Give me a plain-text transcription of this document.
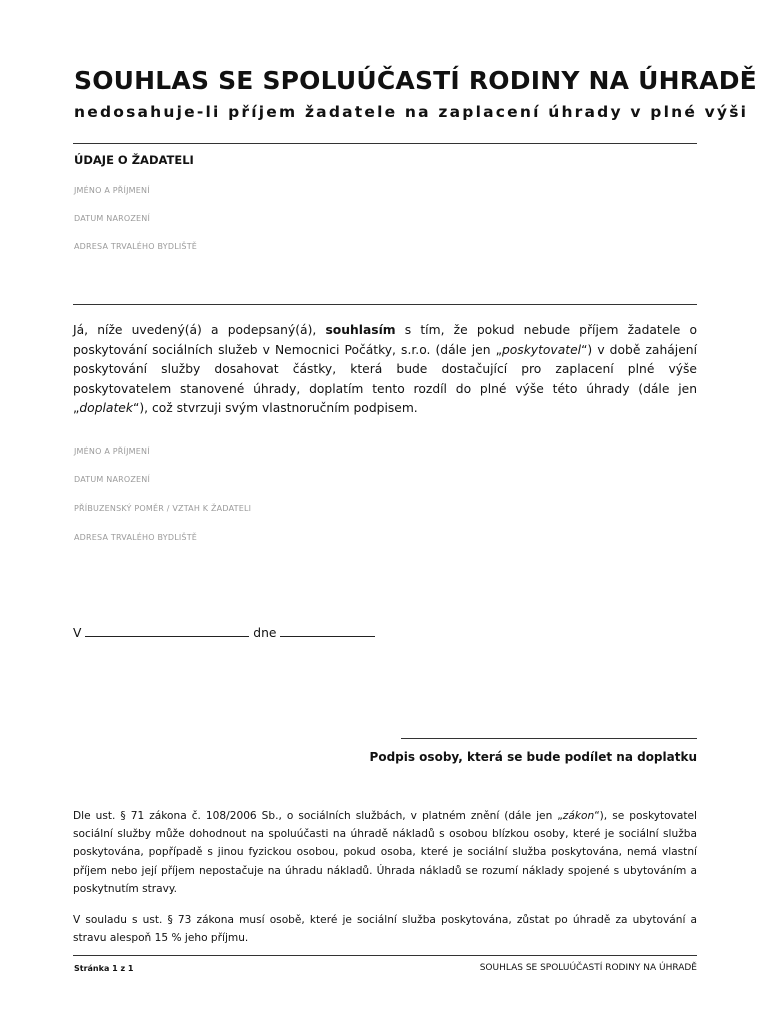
SOUHLAS SE SPOLUÚČASTÍ RODINY NA ÚHRADĚ
nedosahuje-li příjem žadatele na zaplacení úhrady v plné výši
ÚDAJE O ŽADATELI
JMÉNO A PŘÍJMENÍ
DATUM NAROZENÍ
ADRESA TRVALÉHO BYDLIŠTĚ
Já, níže uvedený(á) a podepsaný(á), souhlasím s tím, že pokud nebude příjem žadatele o poskytování sociálních služeb v Nemocnici Počátky, s.r.o. (dále jen „poskytovatel“) v době zahájení poskytování služby dosahovat částky, která bude dostačující pro zaplacení plné výše poskytovatelem stanovené úhrady, doplatím tento rozdíl do plné výše této úhrady (dále jen „doplatek“), což stvrzuji svým vlastnoručním podpisem.
JMÉNO A PŘÍJMENÍ
DATUM NAROZENÍ
PŘÍBUZENSKÝ POMĚR / VZTAH K ŽADATELI
ADRESA TRVALÉHO BYDLIŠTĚ
V	dne
Podpis osoby, která se bude podílet na doplatku
Dle ust. § 71 zákona č. 108/2006 Sb., o sociálních službách, v platném znění (dále jen „zákon“), se poskytovatel sociální služby může dohodnout na spoluúčasti na úhradě nákladů s osobou blízkou osoby, které je sociální služba poskytována, popřípadě s jinou fyzickou osobou, pokud osoba, které je sociální služba poskytována, nemá vlastní příjem nebo její příjem nepostačuje na úhradu nákladů. Úhrada nákladů se rozumí náklady spojené s ubytováním a poskytnutím stravy.
V souladu s ust. § 73 zákona musí osobě, které je sociální služba poskytována, zůstat po úhradě za ubytování a stravu alespoň 15 % jeho příjmu.
Stránka 1 z 1	SOUHLAS SE SPOLUÚČASTÍ RODINY NA ÚHRADĚ
